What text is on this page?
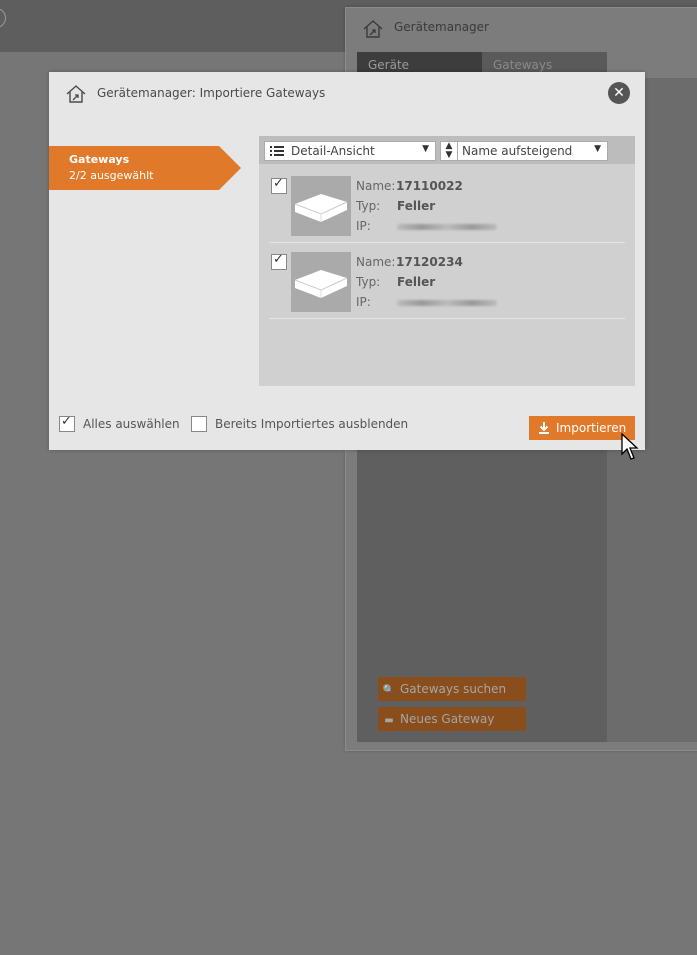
Gerätemanager
Geräte	Gateways
🔍 Gateways suchen
▬ Neues Gateway
Gerätemanager: Importiere Gateways	✕
Gateways
2/2 ausgewählt
Detail-Ansicht	▼	▲
▼ Name aufsteigend ▼
✓	Name: 17110022
Typ: Feller
IP:
✓	Name: 17120234
Typ: Feller
IP:
✓ Alles auswählen	Bereits Importiertes ausblenden	Importieren
